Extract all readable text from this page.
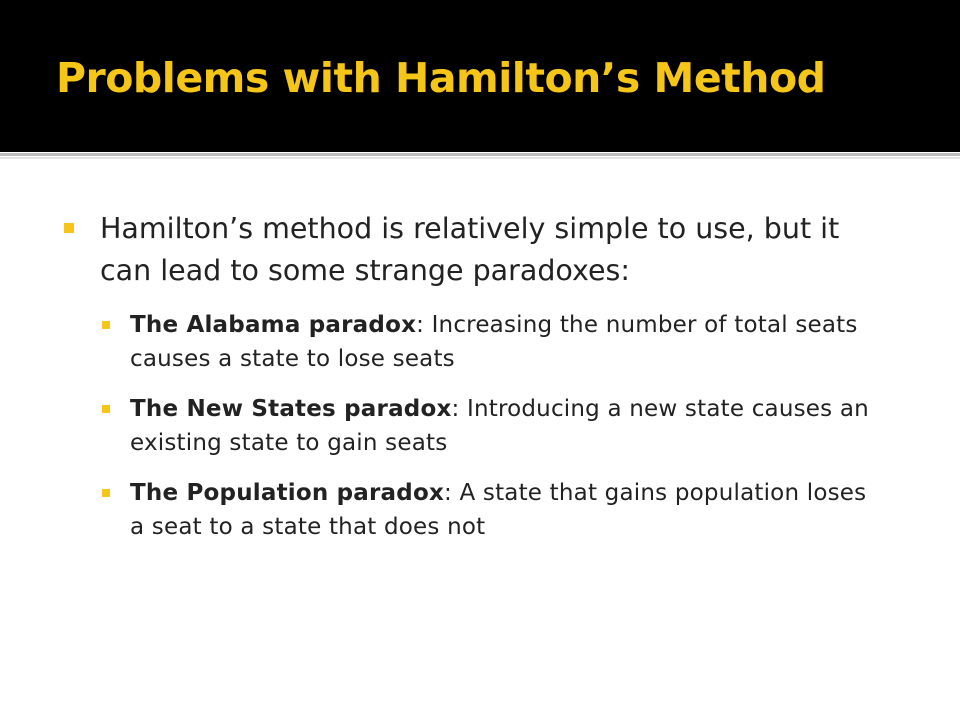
Problems with Hamilton’s Method
Hamilton’s method is relatively simple to use, but it can lead to some strange paradoxes:
The Alabama paradox: Increasing the number of total seats causes a state to lose seats
The New States paradox: Introducing a new state causes an existing state to gain seats
The Population paradox: A state that gains population loses a seat to a state that does not
